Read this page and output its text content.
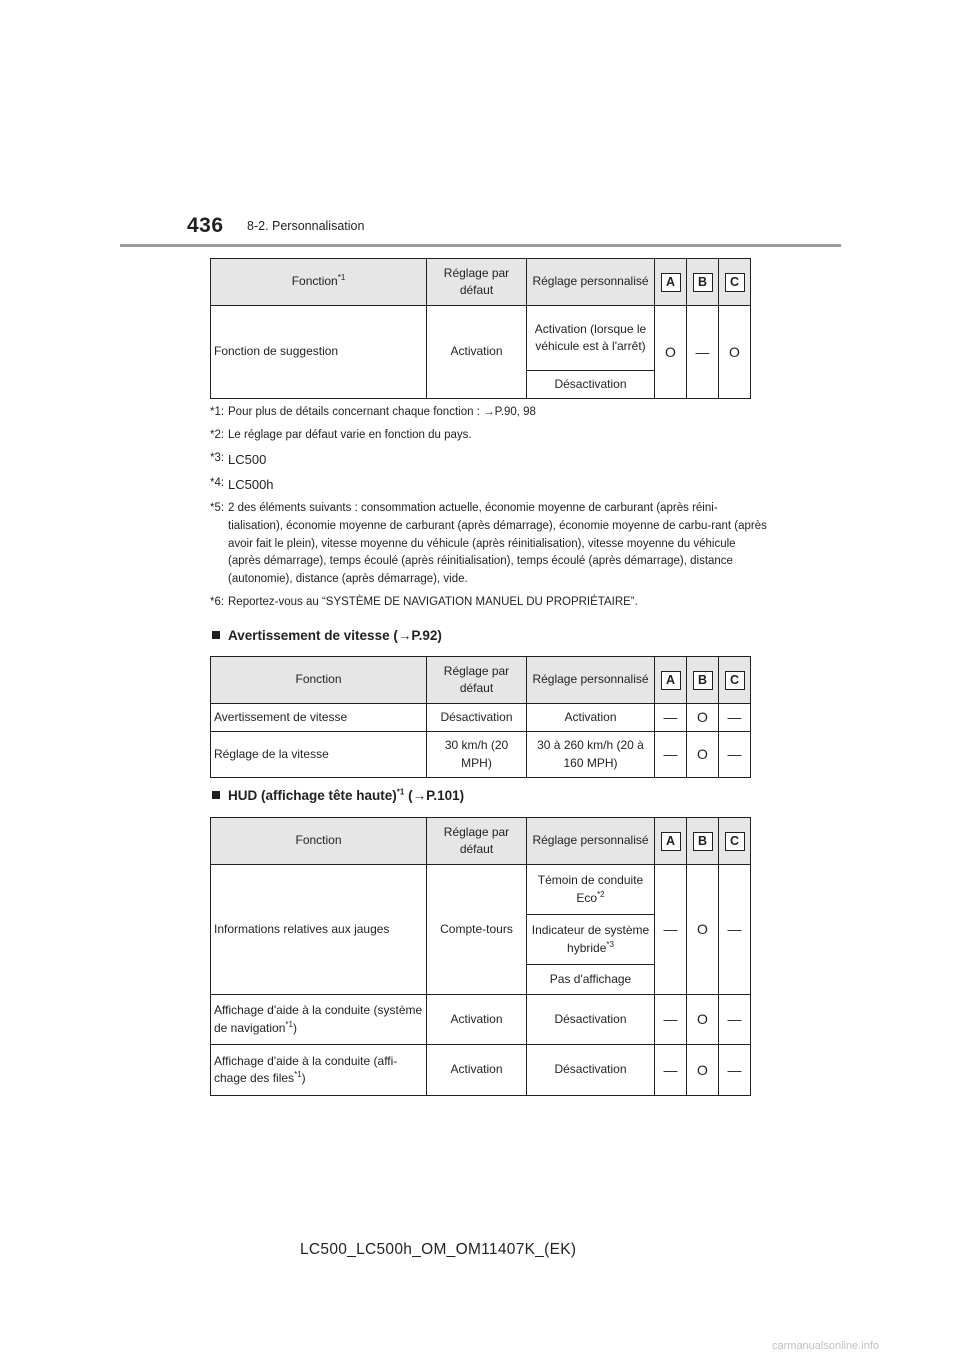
436 8-2. Personnalisation
Fonction$^{*1}$	Réglage par défaut	Réglage personnalisé	A	B	C
Fonction de suggestion	Activation	Activation (lorsque le véhicule est à l'arrêt)	O	—	O
		Désactivation			
*1: Pour plus de détails concernant chaque fonction : →P.90, 98
*2: Le réglage par défaut varie en fonction du pays.
*3: LC500
*4: LC500h
*5: 2 des éléments suivants : consommation actuelle, économie moyenne de carburant (après réini-tialisation), économie moyenne de carburant (après démarrage), économie moyenne de carbu-rant (après avoir fait le plein), vitesse moyenne du véhicule (après réinitialisation), vitesse moyenne du véhicule (après démarrage), temps écoulé (après réinitialisation), temps écoulé (après démarrage), distance (autonomie), distance (après démarrage), vide.
*6: Reportez-vous au “SYSTÈME DE NAVIGATION MANUEL DU PROPRIÉTAIRE”.
Avertissement de vitesse (→P.92)
Fonction	Réglage par défaut	Réglage personnalisé	A	B	C
Avertissement de vitesse	Désactivation	Activation	—	O	—
Réglage de la vitesse	30 km/h (20 MPH)	30 à 260 km/h (20 à 160 MPH)	—	O	—
HUD (affichage tête haute)$^{*1}$ (→P.101)
Fonction	Réglage par défaut	Réglage personnalisé	A	B	C
Informations relatives aux jauges	Compte-tours	Témoin de conduite Eco$^{*2}$	—	O	—
		Indicateur de système hybride$^{*3}$
		Pas d'affichage			
Affichage d'aide à la conduite (système de navigation$^{*1}$)	Activation	Désactivation	—	O	—
Affichage d'aide à la conduite (affi-chage des files$^{*1}$)	Activation	Désactivation	—	O	—
LC500_LC500h_OM_OM11407K_(EK)
carmanualsonline.info
